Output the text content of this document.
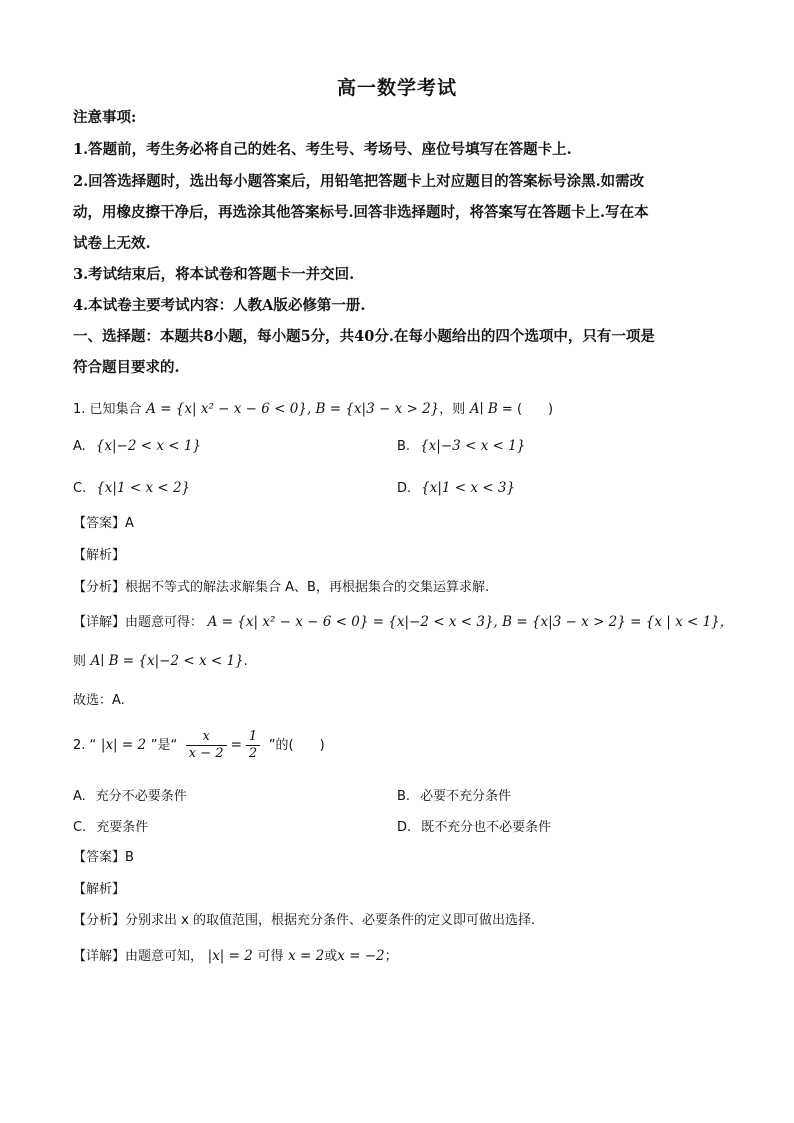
高一数学考试
注意事项:
1.答题前，考生务必将自己的姓名、考生号、考场号、座位号填写在答题卡上.
2.回答选择题时，选出每小题答案后，用铅笔把答题卡上对应题目的答案标号涂黑.如需改
动，用橡皮擦干净后，再选涂其他答案标号.回答非选择题时，将答案写在答题卡上.写在本
试卷上无效.
3.考试结束后，将本试卷和答题卡一并交回.
4.本试卷主要考试内容：人教A版必修第一册.
一、选择题：本题共8小题，每小题5分，共40分.在每小题给出的四个选项中，只有一项是
符合题目要求的.
1. 已知集合 A = {x| x² − x − 6 < 0}, B = {x|3 − x > 2}，则 A∣ B = (　　)
A. {x|−2 < x < 1}	B. {x|−3 < x < 1}
C. {x|1 < x < 2}	D. {x|1 < x < 3}
【答案】A
【解析】
【分析】根据不等式的解法求解集合 A、B，再根据集合的交集运算求解.
【详解】由题意可得： A = {x| x² − x − 6 < 0} = {x|−2 < x < 3}, B = {x|3 − x > 2} = {x | x < 1}，
则 A∣ B = {x|−2 < x < 1}.
故选：A.
2. “ |x| = 2 ”是“ $\frac{x}{x - 2} = \frac{1}{2}$ ”的(　　)
A. 充分不必要条件	B. 必要不充分条件
C. 充要条件	D. 既不充分也不必要条件
【答案】B
【解析】
【分析】分别求出 x 的取值范围，根据充分条件、必要条件的定义即可做出选择.
【详解】由题意可知， |x| = 2 可得 x = 2或x = −2；
